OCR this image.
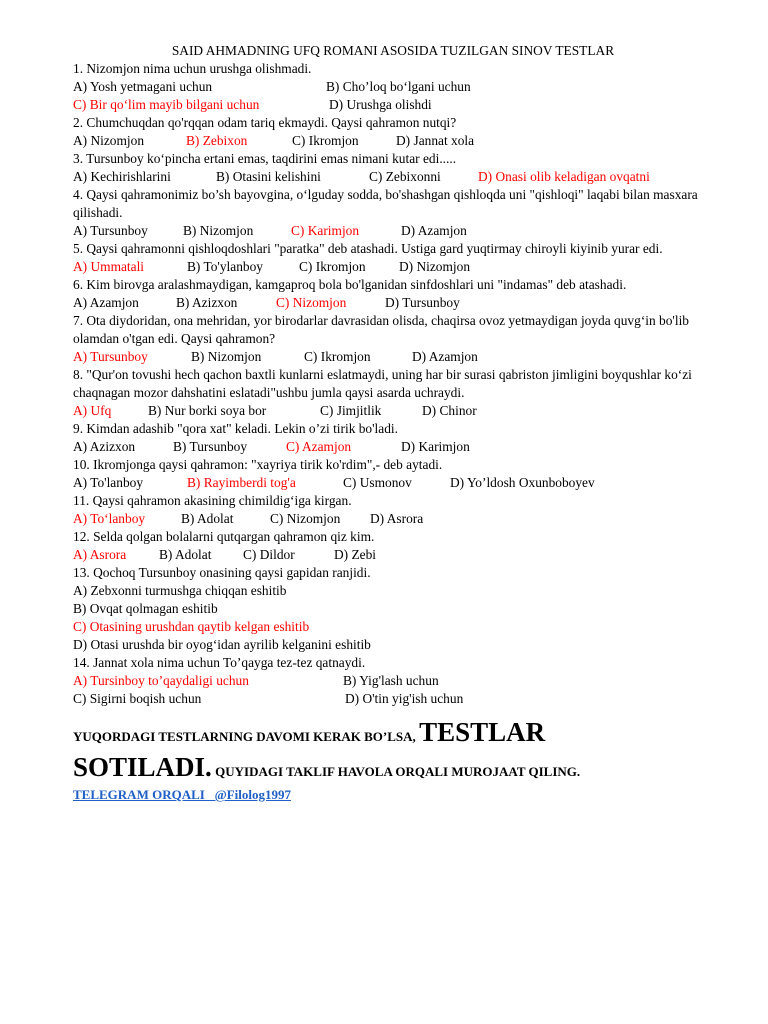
SAID AHMADNING UFQ ROMANI ASOSIDA TUZILGAN SINOV TESTLAR
1. Nizomjon nima uchun urushga olishmadi.
A) Yosh yetmagani uchun	B) Cho’loq bo‘lgani uchun
C) Bir qo‘lim mayib bilgani uchun	D) Urushga olishdi
2. Chumchuqdan qo'rqqan odam tariq ekmaydi. Qaysi qahramon nutqi?
A) Nizomjon	B) Zebixon	C) Ikromjon	D) Jannat xola
3. Tursunboy ko‘pincha ertani emas, taqdirini emas nimani kutar edi.....
A) Kechirishlarini	B) Otasini kelishini	C) Zebixonni	D) Onasi olib keladigan ovqatni
4. Qaysi qahramonimiz bo’sh bayovgina, o‘lguday sodda, bo'shashgan qishloqda uni "qishloqi" laqabi bilan masxara qilishadi.
A) Tursunboy	B) Nizomjon	C) Karimjon	D) Azamjon
5. Qaysi qahramonni qishloqdoshlari "paratka" deb atashadi. Ustiga gard yuqtirmay chiroyli kiyinib yurar edi.
A) Ummatali	B) To'ylanboy	C) Ikromjon D) Nizomjon
6. Kim birovga aralashmaydigan, kamgaproq bola bo'lganidan sinfdoshlari uni "indamas" deb atashadi.
A) Azamjon	B) Azizxon	C) Nizomjon	D) Tursunboy
7. Ota diydoridan, ona mehridan, yor birodarlar davrasidan olisda, chaqirsa ovoz yetmaydigan joyda quvg‘in bo'lib olamdan o'tgan edi. Qaysi qahramon?
A) Tursunboy	B) Nizomjon	C) Ikromjon	D) Azamjon
8. "Qur'on tovushi hech qachon baxtli kunlarni eslatmaydi, uning har bir surasi qabriston jimligini boyqushlar ko‘zi chaqnagan mozor dahshatini eslatadi"ushbu jumla qaysi asarda uchraydi.
A) Ufq	B) Nur borki soya bor	C) Jimjitlik	D) Chinor
9. Kimdan adashib "qora xat" keladi. Lekin o’zi tirik bo'ladi.
A) Azizxon	B) Tursunboy	C) Azamjon	D) Karimjon
10. Ikromjonga qaysi qahramon: "xayriya tirik ko'rdim",- deb aytadi.
A) To'lanboy	B) Rayimberdi tog'a	C) Usmonov	D) Yo’ldosh Oxunboboyev
11. Qaysi qahramon akasining chimildig‘iga kirgan.
A) To‘lanboy	B) Adolat	C) Nizomjon D) Asrora
12. Selda qolgan bolalarni qutqargan qahramon qiz kim.
A) Asrora B) Adolat C) Dildor	D) Zebi
13. Qochoq Tursunboy onasining qaysi gapidan ranjidi.
A) Zebxonni turmushga chiqqan eshitib
B) Ovqat qolmagan eshitib
C) Otasining urushdan qaytib kelgan eshitib
D) Otasi urushda bir oyog‘idan ayrilib kelganini eshitib
14. Jannat xola nima uchun To’qayga tez-tez qatnaydi.
A) Tursinboy to’qaydaligi uchun	B) Yig'lash uchun
C) Sigirni boqish uchun	D) O'tin yig'ish uchun
YUQORDAGI TESTLARNING DAVOMI KERAK BO’LSA, TESTLAR
SOTILADI. QUYIDAGI TAKLIF HAVOLA ORQALI MUROJAAT QILING.
TELEGRAM ORQALI   @Filolog1997
